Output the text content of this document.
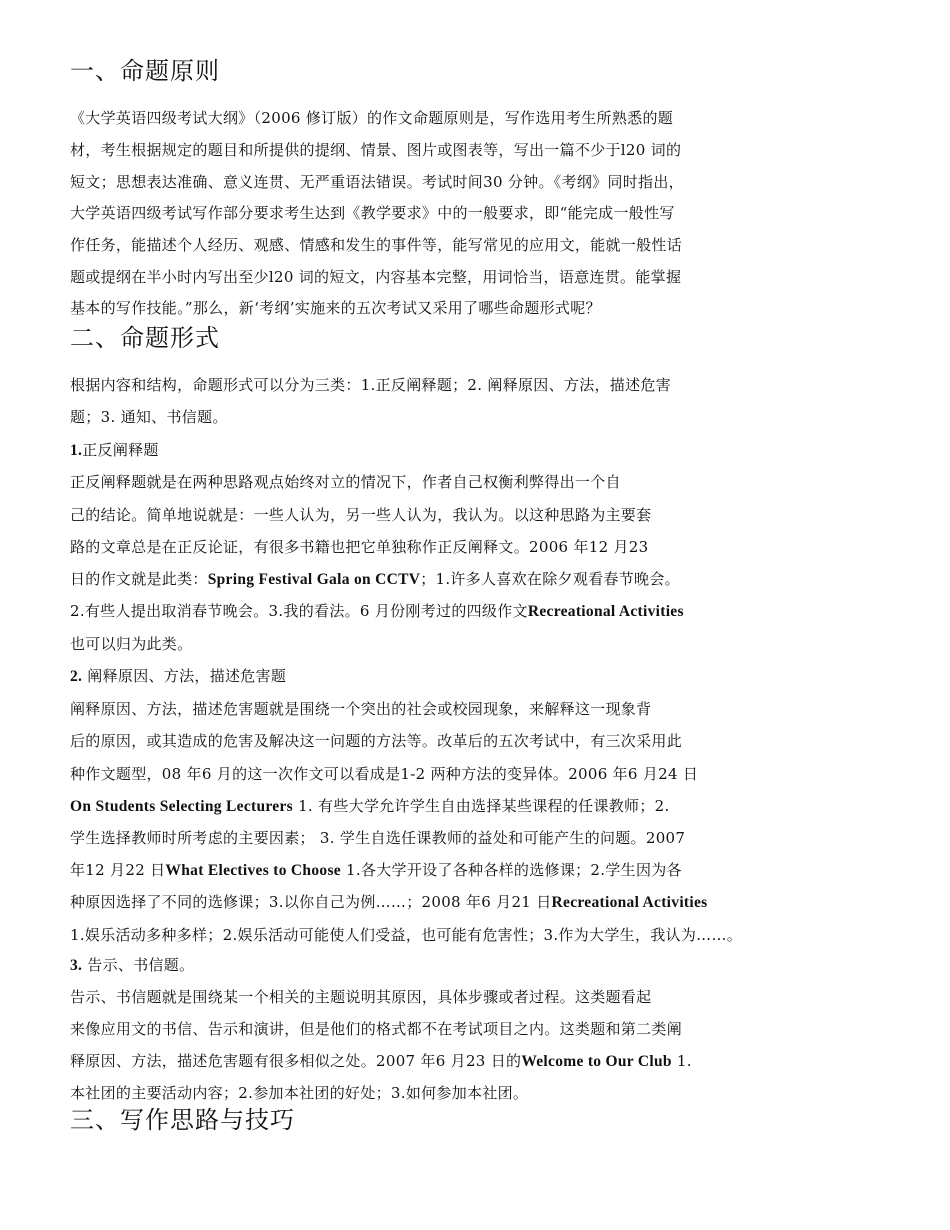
一、命题原则
二、命题形式
三、写作思路与技巧
《大学英语四级考试大纲》（2006 修订版）的作文命题原则是，写作选用考生所熟悉的题
材，考生根据规定的题目和所提供的提纲、情景、图片或图表等，写出一篇不少于l20 词的
短文；思想表达准确、意义连贯、无严重语法错误。考试时间30 分钟。《考纲》同时指出，
大学英语四级考试写作部分要求考生达到《教学要求》中的一般要求，即“能完成一般性写
作任务，能描述个人经历、观感、情感和发生的事件等，能写常见的应用文，能就一般性话
题或提纲在半小时内写出至少l20 词的短文，内容基本完整，用词恰当，语意连贯。能掌握
基本的写作技能。”那么，新‘考纲’实施来的五次考试又采用了哪些命题形式呢？
根据内容和结构，命题形式可以分为三类：1.正反阐释题；2. 阐释原因、方法，描述危害
题；3. 通知、书信题。
1.正反阐释题
正反阐释题就是在两种思路观点始终对立的情况下，作者自己权衡利弊得出一个自
己的结论。简单地说就是：一些人认为，另一些人认为，我认为。以这种思路为主要套
路的文章总是在正反论证，有很多书籍也把它单独称作正反阐释文。2006 年12 月23
日的作文就是此类：Spring Festival Gala on CCTV；1.许多人喜欢在除夕观看春节晚会。
2.有些人提出取消春节晚会。3.我的看法。6 月份刚考过的四级作文Recreational Activities
也可以归为此类。
2. 阐释原因、方法，描述危害题
阐释原因、方法，描述危害题就是围绕一个突出的社会或校园现象，来解释这一现象背
后的原因，或其造成的危害及解决这一问题的方法等。改革后的五次考试中，有三次采用此
种作文题型，08 年6 月的这一次作文可以看成是1-2 两种方法的变异体。2006 年6 月24 日
On Students Selecting Lecturers 1. 有些大学允许学生自由选择某些课程的任课教师；2.
学生选择教师时所考虑的主要因素； 3. 学生自选任课教师的益处和可能产生的问题。2007
年12 月22 日What Electives to Choose 1.各大学开设了各种各样的选修课；2.学生因为各
种原因选择了不同的选修课；3.以你自己为例……；2008 年6 月21 日Recreational Activities
1.娱乐活动多种多样；2.娱乐活动可能使人们受益，也可能有危害性；3.作为大学生，我认为……。
3. 告示、书信题。
告示、书信题就是围绕某一个相关的主题说明其原因，具体步骤或者过程。这类题看起
来像应用文的书信、告示和演讲，但是他们的格式都不在考试项目之内。这类题和第二类阐
释原因、方法，描述危害题有很多相似之处。2007 年6 月23 日的Welcome to Our Club 1.
本社团的主要活动内容；2.参加本社团的好处；3.如何参加本社团。
